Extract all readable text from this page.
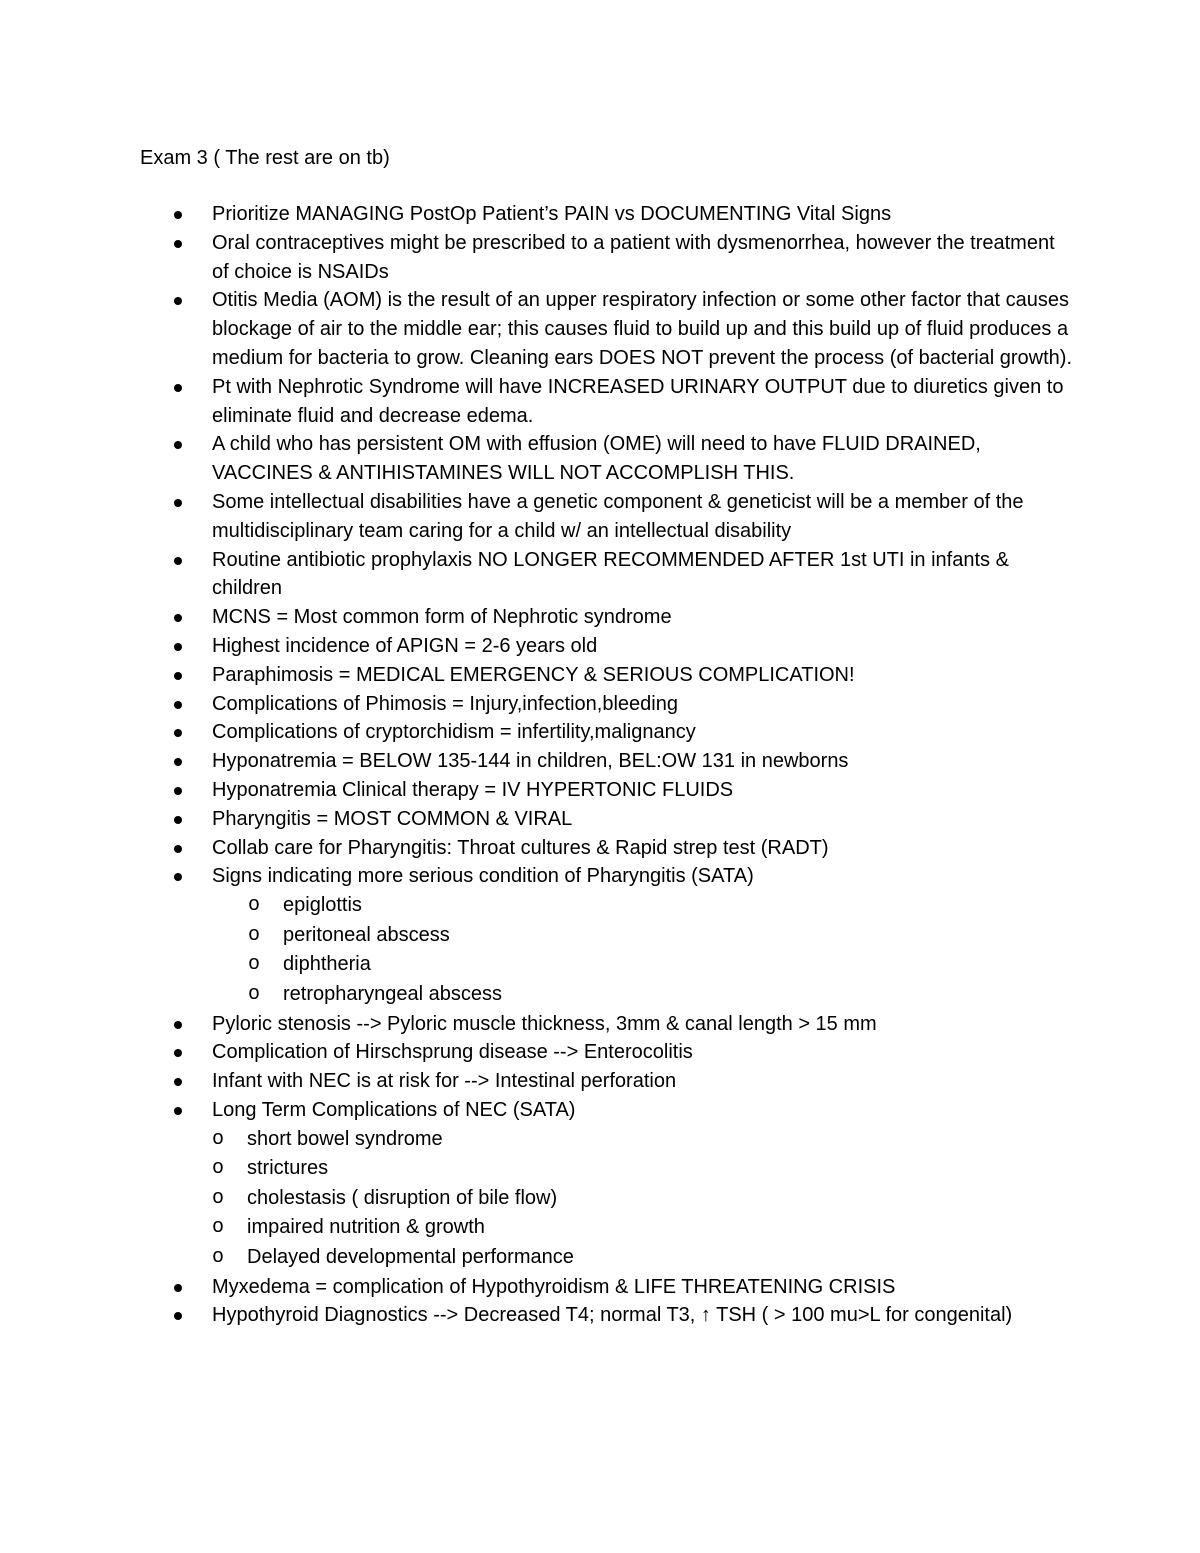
Exam 3 ( The rest are on tb)
Prioritize MANAGING PostOp Patient’s PAIN vs DOCUMENTING Vital Signs
Oral contraceptives might be prescribed to a patient with dysmenorrhea, however the treatment of choice is NSAIDs
Otitis Media (AOM) is the result of an upper respiratory infection or some other factor that causes blockage of air to the middle ear; this causes fluid to build up and this build up of fluid produces a medium for bacteria to grow. Cleaning ears DOES NOT prevent the process (of bacterial growth).
Pt with Nephrotic Syndrome will have INCREASED URINARY OUTPUT due to diuretics given to eliminate fluid and decrease edema.
A child who has persistent OM with effusion (OME) will need to have FLUID DRAINED, VACCINES & ANTIHISTAMINES WILL NOT ACCOMPLISH THIS.
Some intellectual disabilities have a genetic component & geneticist will be a member of the multidisciplinary team caring for a child w/ an intellectual disability
Routine antibiotic prophylaxis NO LONGER RECOMMENDED AFTER 1st UTI in infants & children
MCNS = Most common form of Nephrotic syndrome
Highest incidence of APIGN = 2-6 years old
Paraphimosis = MEDICAL EMERGENCY & SERIOUS COMPLICATION!
Complications of Phimosis = Injury,infection,bleeding
Complications of cryptorchidism = infertility,malignancy
Hyponatremia = BELOW 135-144 in children, BEL:OW 131 in newborns
Hyponatremia Clinical therapy = IV HYPERTONIC FLUIDS
Pharyngitis = MOST COMMON & VIRAL
Collab care for Pharyngitis: Throat cultures & Rapid strep test (RADT)
Signs indicating more serious condition of Pharyngitis (SATA)
o epiglottis
o peritoneal abscess
o diphtheria
o retropharyngeal abscess
Pyloric stenosis --> Pyloric muscle thickness, 3mm & canal length > 15 mm
Complication of Hirschsprung disease --> Enterocolitis
Infant with NEC is at risk for --> Intestinal perforation
Long Term Complications of NEC (SATA)
o short bowel syndrome
o strictures
o cholestasis ( disruption of bile flow)
o impaired nutrition & growth
o Delayed developmental performance
Myxedema = complication of Hypothyroidism & LIFE THREATENING CRISIS
Hypothyroid Diagnostics --> Decreased T4; normal T3, ↑ TSH ( > 100 mu>L for congenital)
